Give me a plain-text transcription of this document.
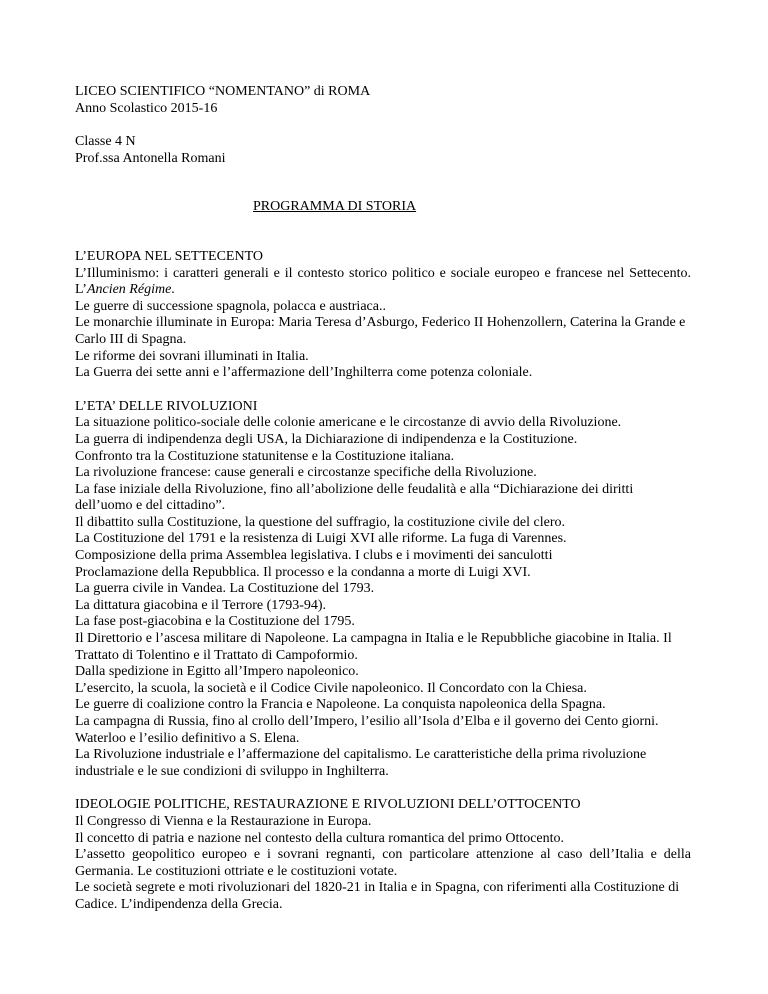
LICEO SCIENTIFICO “NOMENTANO” di ROMA
Anno Scolastico 2015-16
Classe 4 N
Prof.ssa Antonella Romani
PROGRAMMA DI STORIA
L’EUROPA NEL SETTECENTO
L’Illuminismo: i caratteri generali e il contesto storico politico e sociale europeo e francese nel Settecento. L’Ancien Régime.
Le guerre di successione spagnola, polacca e austriaca..
Le monarchie illuminate in Europa: Maria Teresa d’Asburgo, Federico II Hohenzollern, Caterina la Grande e Carlo III di Spagna.
Le riforme dei sovrani illuminati in Italia.
La Guerra dei sette anni e l’affermazione dell’Inghilterra come potenza coloniale.
L’ETA’ DELLE RIVOLUZIONI
La situazione politico-sociale delle colonie americane e le circostanze di avvio della Rivoluzione.
La guerra di indipendenza degli USA, la Dichiarazione di indipendenza e la Costituzione.
Confronto tra la Costituzione statunitense e la Costituzione italiana.
La rivoluzione francese: cause generali e circostanze specifiche della Rivoluzione.
La fase iniziale della Rivoluzione, fino all’abolizione delle feudalità e alla “Dichiarazione dei diritti dell’uomo e del cittadino”.
Il dibattito sulla Costituzione, la questione del suffragio, la costituzione civile del clero.
La Costituzione del 1791 e la resistenza di Luigi XVI alle riforme. La fuga di Varennes.
Composizione della prima Assemblea legislativa. I clubs e i movimenti dei sanculotti
Proclamazione della Repubblica. Il processo e la condanna a morte di Luigi XVI.
La guerra civile in Vandea. La Costituzione del 1793.
La dittatura giacobina e il Terrore (1793-94).
La fase post-giacobina e la Costituzione del 1795.
Il Direttorio e l’ascesa militare di Napoleone. La campagna in Italia e le Repubbliche giacobine in Italia. Il Trattato di Tolentino e il Trattato di Campoformio.
Dalla spedizione in Egitto all’Impero napoleonico.
L’esercito, la scuola, la società e il Codice Civile napoleonico. Il Concordato con la Chiesa.
Le guerre di coalizione contro la Francia e Napoleone. La conquista napoleonica della Spagna.
La campagna di Russia, fino al crollo dell’Impero, l’esilio all’Isola d’Elba e il governo dei Cento giorni. Waterloo e l’esilio definitivo a S. Elena.
La Rivoluzione industriale e l’affermazione del capitalismo. Le caratteristiche della prima rivoluzione industriale e le sue condizioni di sviluppo in Inghilterra.
IDEOLOGIE POLITICHE, RESTAURAZIONE E RIVOLUZIONI DELL’OTTOCENTO
Il Congresso di Vienna e la Restaurazione in Europa.
Il concetto di patria e nazione nel contesto della cultura romantica del primo Ottocento.
L’assetto geopolitico europeo e i sovrani regnanti, con particolare attenzione al caso dell’Italia e della Germania. Le costituzioni ottriate e le costituzioni votate.
Le società segrete e moti rivoluzionari del 1820-21 in Italia e in Spagna, con riferimenti alla Costituzione di Cadice. L’indipendenza della Grecia.
